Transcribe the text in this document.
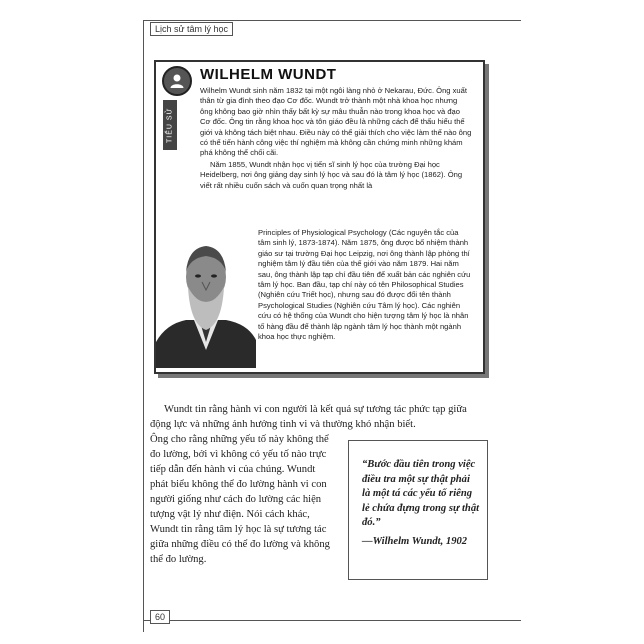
Lịch sử tâm lý học
TIỂU SỬ
WILHELM WUNDT

Wilhelm Wundt sinh năm 1832 tại một ngôi làng nhỏ ở Nekarau, Đức. Ông xuất thân từ gia đình theo đạo Cơ đốc. Wundt trở thành một nhà khoa học nhưng ông không bao giờ nhìn thấy bất kỳ sự mâu thuẫn nào trong khoa học và đạo Cơ đốc. Ông tin rằng khoa học và tôn giáo đều là những cách để thấu hiểu thế giới và không tách biệt nhau. Điều này có thể giải thích cho việc làm thế nào ông có thể tiến hành công việc thí nghiệm mà không cần chứng minh những khám phá không thể chối cãi.

Năm 1855, Wundt nhận học vị tiến sĩ sinh lý học của trường Đại học Heidelberg, nơi ông giảng dạy sinh lý học và sau đó là tâm lý học (1862). Ông viết rất nhiều cuốn sách và cuốn quan trọng nhất là

Principles of Physiological Psychology (Các nguyên tắc của tâm sinh lý, 1873-1874). Năm 1875, ông được bổ nhiệm thành giáo sư tại trường Đại học Leipzig, nơi ông thành lập phòng thí nghiệm tâm lý đầu tiên của thế giới vào năm 1879. Hai năm sau, ông thành lập tạp chí đầu tiên để xuất bản các nghiên cứu tâm lý học. Ban đầu, tạp chí này có tên Philosophical Studies (Nghiên cứu Triết học), nhưng sau đó được đổi tên thành Psychological Studies (Nghiên cứu Tâm lý học). Các nghiên cứu có hệ thống của Wundt cho hiện tượng tâm lý học là nhân tố hàng đầu để thành lập ngành tâm lý học thành một ngành khoa học thực nghiệm.

Wundt tin rằng hành vi con người là kết quả sự tương tác phức tạp giữa động lực và những ảnh hưởng tinh vi và thường khó nhận biết.

Ông cho rằng những yếu tố này không thể đo lường, bởi vì không có yếu tố nào trực tiếp dẫn đến hành vi của chúng. Wundt phát biểu không thể đo lường hành vi con người giống như cách đo lường các hiện tượng vật lý như điện. Nói cách khác, Wundt tin rằng tâm lý học là sự tương tác giữa những điều có thể đo lường và không thể đo lường.
“Bước đầu tiên trong việc điều tra một sự thật phải là một tá các yếu tố riêng lẻ chứa đựng trong sự thật đó.”
—Wilhelm Wundt, 1902
60
